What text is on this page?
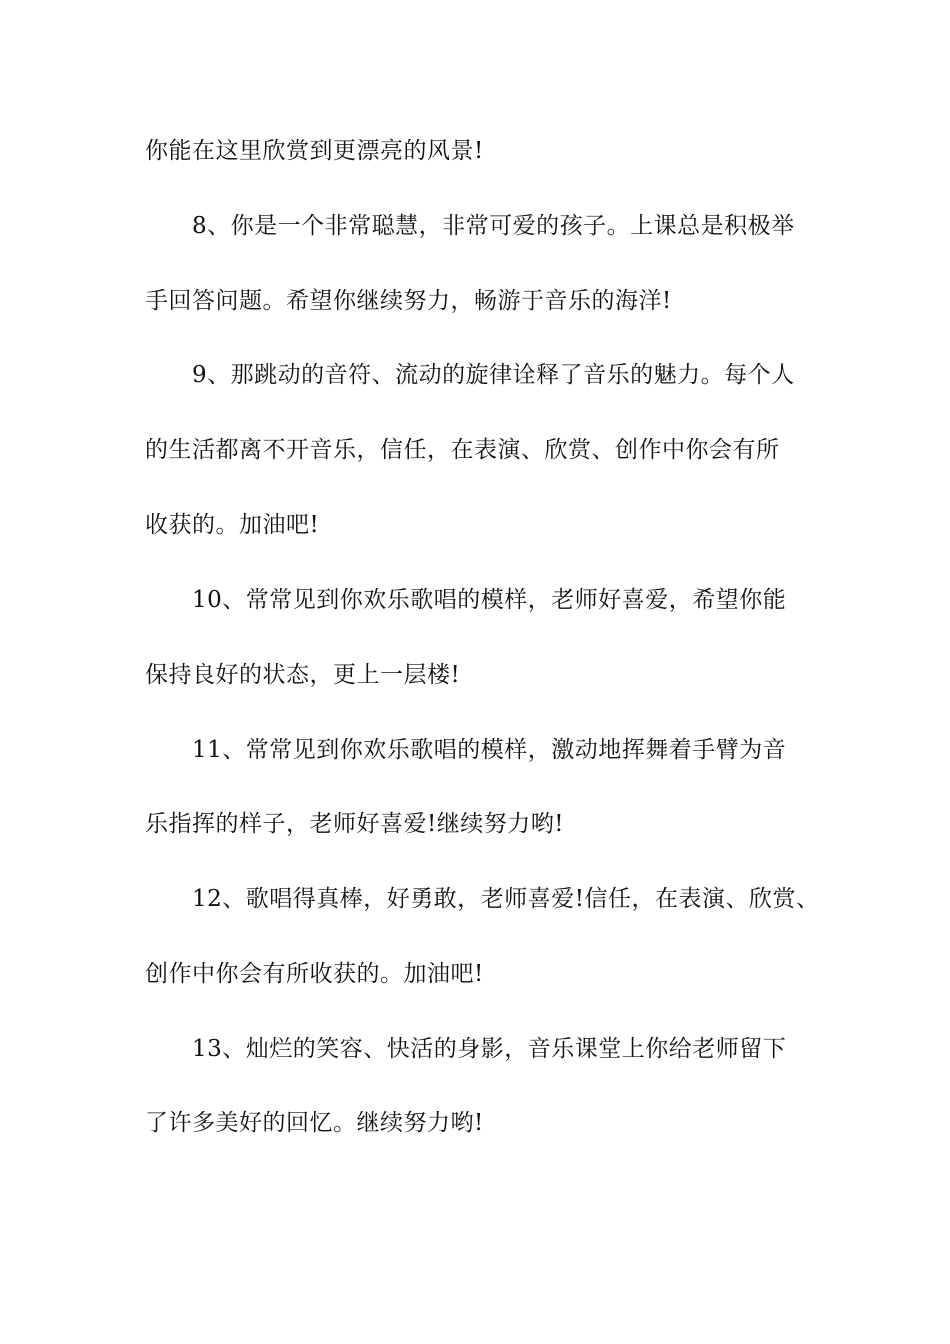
你能在这里欣赏到更漂亮的风景!
8、你是一个非常聪慧，非常可爱的孩子。上课总是积极举
手回答问题。希望你继续努力，畅游于音乐的海洋!
9、那跳动的音符、流动的旋律诠释了音乐的魅力。每个人
的生活都离不开音乐，信任，在表演、欣赏、创作中你会有所
收获的。加油吧!
10、常常见到你欢乐歌唱的模样，老师好喜爱，希望你能
保持良好的状态，更上一层楼!
11、常常见到你欢乐歌唱的模样，激动地挥舞着手臂为音
乐指挥的样子，老师好喜爱!继续努力哟!
12、歌唱得真棒，好勇敢，老师喜爱!信任，在表演、欣赏、
创作中你会有所收获的。加油吧!
13、灿烂的笑容、快活的身影，音乐课堂上你给老师留下
了许多美好的回忆。继续努力哟!
